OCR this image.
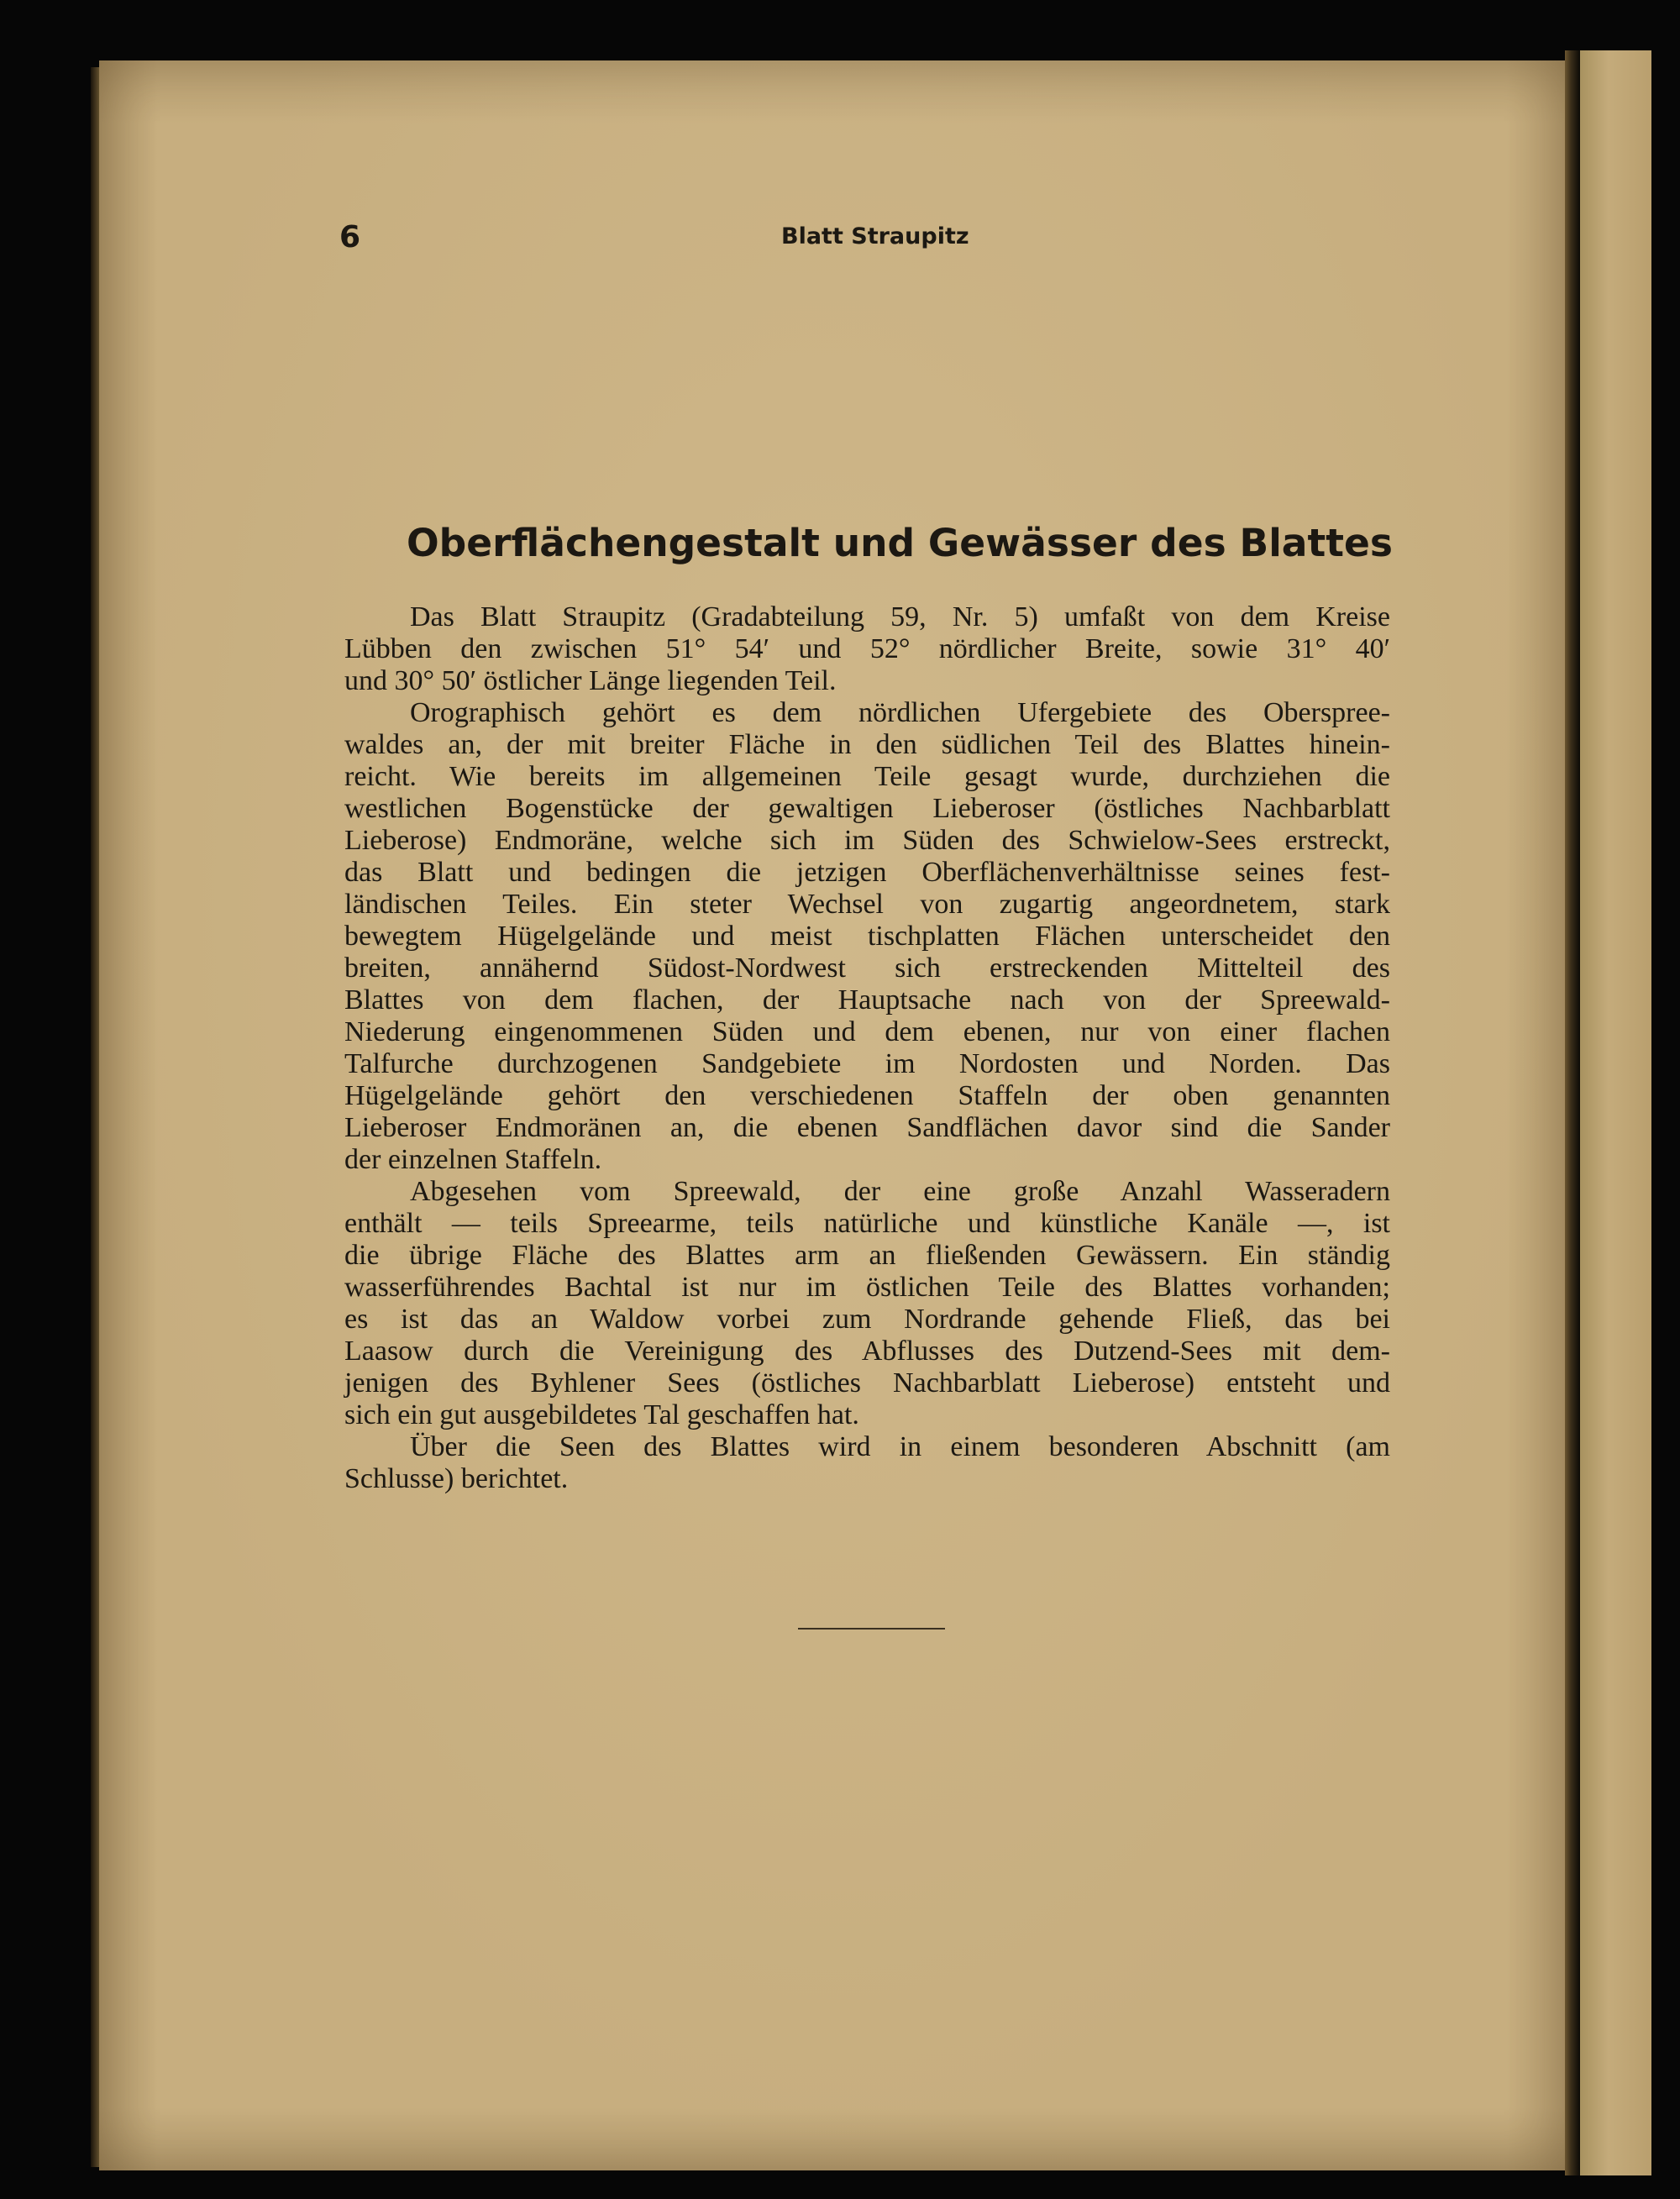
6	Blatt Straupitz
Oberflächengestalt und Gewässer des Blattes
Das Blatt Straupitz (Gradabteilung 59, Nr. 5) umfaßt von dem Kreise
Lübben den zwischen 51° 54′ und 52° nördlicher Breite, sowie 31° 40′
und 30° 50′ östlicher Länge liegenden Teil.
Orographisch gehört es dem nördlichen Ufergebiete des Oberspree-
waldes an, der mit breiter Fläche in den südlichen Teil des Blattes hinein-
reicht. Wie bereits im allgemeinen Teile gesagt wurde, durchziehen die
westlichen Bogenstücke der gewaltigen Lieberoser (östliches Nachbarblatt
Lieberose) Endmoräne, welche sich im Süden des Schwielow-Sees erstreckt,
das Blatt und bedingen die jetzigen Oberflächenverhältnisse seines fest-
ländischen Teiles. Ein steter Wechsel von zugartig angeordnetem, stark
bewegtem Hügelgelände und meist tischplatten Flächen unterscheidet den
breiten, annähernd Südost-Nordwest sich erstreckenden Mittelteil des
Blattes von dem flachen, der Hauptsache nach von der Spreewald-
Niederung eingenommenen Süden und dem ebenen, nur von einer flachen
Talfurche durchzogenen Sandgebiete im Nordosten und Norden. Das
Hügelgelände gehört den verschiedenen Staffeln der oben genannten
Lieberoser Endmoränen an, die ebenen Sandflächen davor sind die Sander
der einzelnen Staffeln.
Abgesehen vom Spreewald, der eine große Anzahl Wasseradern
enthält — teils Spreearme, teils natürliche und künstliche Kanäle —, ist
die übrige Fläche des Blattes arm an fließenden Gewässern. Ein ständig
wasserführendes Bachtal ist nur im östlichen Teile des Blattes vorhanden;
es ist das an Waldow vorbei zum Nordrande gehende Fließ, das bei
Laasow durch die Vereinigung des Abflusses des Dutzend-Sees mit dem-
jenigen des Byhlener Sees (östliches Nachbarblatt Lieberose) entsteht und
sich ein gut ausgebildetes Tal geschaffen hat.
Über die Seen des Blattes wird in einem besonderen Abschnitt (am
Schlusse) berichtet.
